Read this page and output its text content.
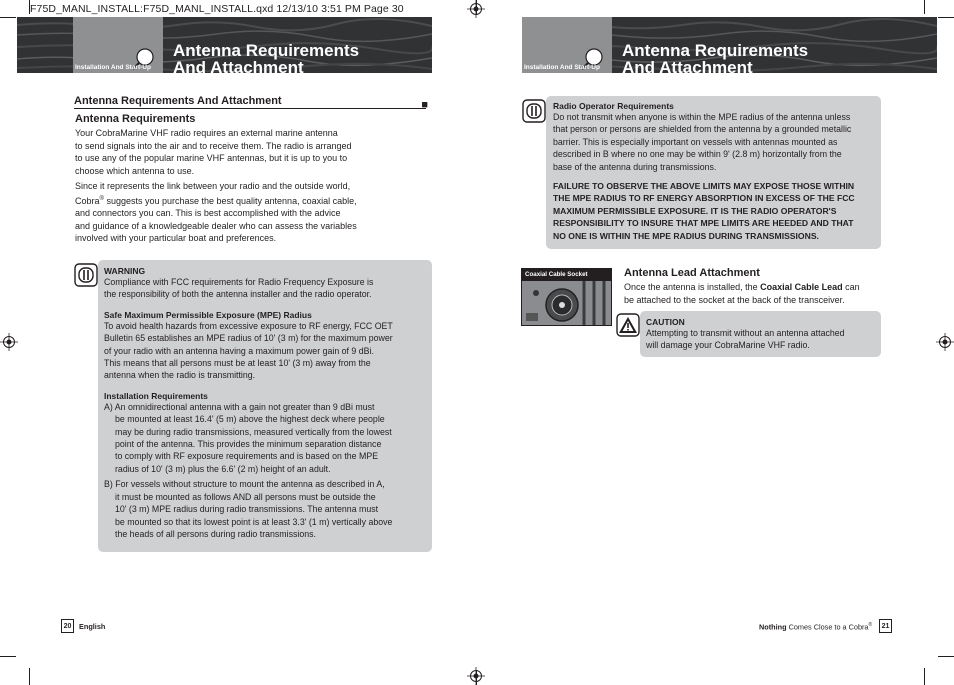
F75D_MANL_INSTALL:F75D_MANL_INSTALL.qxd 12/13/10 3:51 PM Page 30
Installation And Start-Up
Antenna Requirements
And Attachment	Installation And Start-Up
Antenna Requirements
And Attachment
Antenna Requirements And Attachment	■
Antenna Requirements

Your CobraMarine VHF radio requires an external marine antenna
to send signals into the air and to receive them. The radio is arranged
to use any of the popular marine VHF antennas, but it is up to you to
choose which antenna to use.

Since it represents the link between your radio and the outside world,
Cobra® suggests you purchase the best quality antenna, coaxial cable,
and connectors you can. This is best accomplished with the advice
and guidance of a knowledgeable dealer who can assess the variables
involved with your particular boat and preferences.

WARNING
Compliance with FCC requirements for Radio Frequency Exposure is
the responsibility of both the antenna installer and the radio operator.
Safe Maximum Permissible Exposure (MPE) Radius
To avoid health hazards from excessive exposure to RF energy, FCC OET
Bulletin 65 establishes an MPE radius of 10' (3 m) for the maximum power
of your radio with an antenna having a maximum power gain of 9 dBi.
This means that all persons must be at least 10' (3 m) away from the
antenna when the radio is transmitting.
Installation Requirements
A) An omnidirectional antenna with a gain not greater than 9 dBi must
be mounted at least 16.4' (5 m) above the highest deck where people
may be during radio transmissions, measured vertically from the lowest
point of the antenna. This provides the minimum separation distance
to comply with RF exposure requirements and is based on the MPE
radius of 10' (3 m) plus the 6.6' (2 m) height of an adult.
B) For vessels without structure to mount the antenna as described in A,
it must be mounted as follows AND all persons must be outside the
10' (3 m) MPE radius during radio transmissions. The antenna must
be mounted so that its lowest point is at least 3.3' (1 m) vertically above
the heads of all persons during radio transmissions.
20	English
Radio Operator Requirements
Do not transmit when anyone is within the MPE radius of the antenna unless
that person or persons are shielded from the antenna by a grounded metallic
barrier. This is especially important on vessels with antennas mounted as
described in B where no one may be within 9' (2.8 m) horizontally from the
base of the antenna during transmissions.
FAILURE TO OBSERVE THE ABOVE LIMITS MAY EXPOSE THOSE WITHIN
THE MPE RADIUS TO RF ENERGY ABSORPTION IN EXCESS OF THE FCC
MAXIMUM PERMISSIBLE EXPOSURE. IT IS THE RADIO OPERATOR'S
RESPONSIBILITY TO INSURE THAT MPE LIMITS ARE HEEDED AND THAT
NO ONE IS WITHIN THE MPE RADIUS DURING TRANSMISSIONS.
Coaxial Cable Socket	Antenna Lead Attachment
Once the antenna is installed, the Coaxial Cable Lead can
be attached to the socket at the back of the transceiver.
CAUTION
Attempting to transmit without an antenna attached
will damage your CobraMarine VHF radio.
Nothing Comes Close to a Cobra®	21
